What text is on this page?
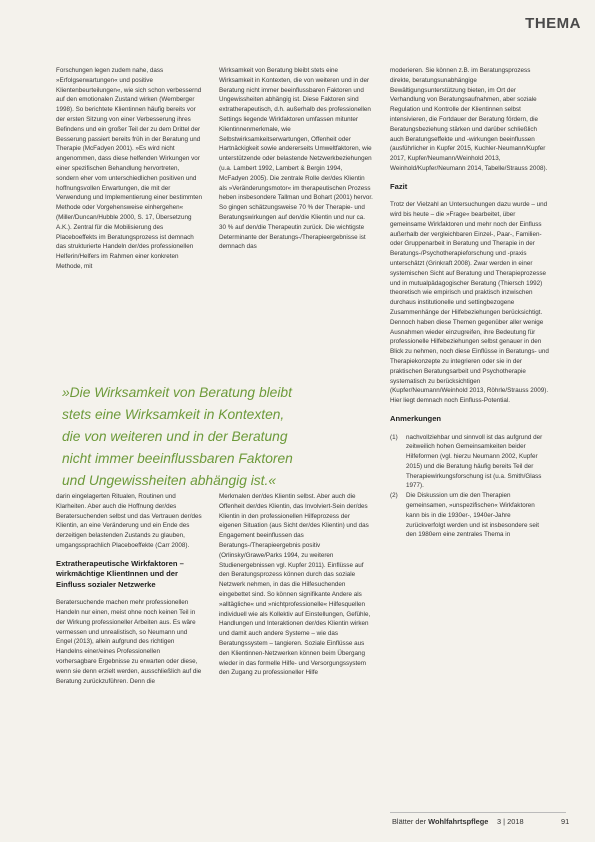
THEMA

Forschungen legen zudem nahe, dass »Erfolgserwartungen« und positive Klientenbeurteilungen«, wie sich schon verbessernd auf den emotionalen Zustand wirken (Wernberger 1998). So berichtete Klientinnen häufig bereits vor der ersten Sitzung von einer Verbesserung ihres Befindens und ein großer Teil der zu dem Drittel der Besserung passiert bereits früh in der Beratung und Therapie (McFadyen 2001). »Es wird nicht angenommen, dass diese helfenden Wirkungen vor einer spezifischen Behandlung hervortreten, sondern eher vom unterschiedlichen positiven und hoffnungsvollen Erwartungen, die mit der Verwendung und Implementierung einer bestimmten Methode oder Vorgehensweise einhergehen« (Miller/Duncan/Hubble 2000, S. 17, Übersetzung A.K.). Zentral für die Mobilisierung des Placeboeffekts im Beratungsprozess ist demnach das strukturierte Handeln der/des professionellen Helferin/Helfers im Rahmen einer konkreten Methode, mit

Wirksamkeit von Beratung bleibt stets eine Wirksamkeit in Kontexten, die von weiteren und in der Beratung nicht immer beeinflussbaren Faktoren und Ungewissheiten abhängig ist. Diese Faktoren sind extratherapeutisch, d.h. außerhalb des professionellen Settings liegende Wirkfaktoren umfassen mitunter Klientinnenmerkmale, wie Selbstwirksamkeitserwartungen, Offenheit oder Hartnäckigkeit sowie andererseits Umweltfaktoren, wie unterstützende oder belastende Netzwerkbeziehungen (u.a. Lambert 1992, Lambert & Bergin 1994, McFadyen 2005). Die zentrale Rolle der/des Klientin als »Veränderungsmotor« im therapeutischen Prozess heben insbesondere Tallman und Bohart (2001) hervor. So gingen schätzungsweise 70 % der Therapie- und Beratungswirkungen auf den/die Klientin und nur ca. 30 % auf den/die Therapeutin zurück. Die wichtigste Determinante der Beratungs-/Therapieergebnisse ist demnach das

»Die Wirksamkeit von Beratung bleibt
stets eine Wirksamkeit in Kontexten,
die von weiteren und in der Beratung
nicht immer beeinflussbaren Faktoren
und Ungewissheiten abhängig ist.«

darin eingelagerten Ritualen, Routinen und Klarheiten. Aber auch die Hoffnung der/des Beratersuchenden selbst und das Vertrauen der/des Klientin, an eine Veränderung und ein Ende des derzeitigen belastenden Zustands zu glauben, umgangssprachlich Placeboeffekte (Carr 2008).

Extratherapeutische Wirkfaktoren – wirkmächtige KlientInnen und der Einfluss sozialer Netzwerke

Beratersuchende machen mehr professionellen Handeln nur einen, meist ohne noch keinen Teil in der Wirkung professioneller Arbeiten aus. Es wäre vermessen und unrealistisch, so Neumann und Engel (2013), allein aufgrund des richtigen Handelns einer/eines Professionellen vorhersagbare Ergebnisse zu erwarten oder diese, wenn sie denn erzielt werden, ausschließlich auf die Beratung zurückzuführen. Denn die

Merkmalen der/des Klientin selbst. Aber auch die Offenheit der/des Klientin, das Involviert-Sein der/des Klientin in den professionellen Hilfeprozess der eigenen Situation (aus Sicht der/des Klientin) und das Engagement beeinflussen das Beratungs-/Therapieergebnis positiv (Orlinsky/Grawe/Parks 1994, zu weiteren Studienergebnissen vgl. Kupfer 2011). Einflüsse auf den Beratungsprozess können durch das soziale Netzwerk nehmen, in das die Hilfesuchenden eingebettet sind. So können signifikante Andere als »alltägliche« und »nichtprofessionelle« Hilfesquellen individuell wie als Kollektiv auf Einstellungen, Gefühle, Handlungen und Interaktionen der/des Klientin wirken und damit auch andere Systeme – wie das Beratungssystem – tangieren. Soziale Einflüsse aus den Klientinnen-Netzwerken können beim Übergang wieder in das formelle Hilfe- und Versorgungssystem den Zugang zu professioneller Hilfe

moderieren. Sie können z.B. im Beratungsprozess direkte, beratungsunabhängige Bewältigungsunterstützung bieten, im Ort der Verhandlung von Beratungsaufnahmen, aber soziale Regulation und Kontrolle der Klientinnen selbst intensivieren, die Fortdauer der Beratung fördern, die Beratungsbeziehung stärken und darüber schließlich auch Beratungseffekte und -wirkungen beeinflussen (ausführlicher in Kupfer 2015, Kuchler-Neumann/Kupfer 2017, Kupfer/Neumann/Weinhold 2013, Weinhold/Kupfer/Neumann 2014, Tabelle/Strauss 2008).

Fazit

Trotz der Vielzahl an Untersuchungen dazu wurde – und wird bis heute – die »Frage« bearbeitet, über gemeinsame Wirkfaktoren und mehr noch der Einfluss außerhalb der vergleichbaren Einzel-, Paar-, Familien- oder Gruppenarbeit in Beratung und Therapie in der Beratungs-/Psychotherapieforschung und -praxis unterschätzt (Grinkraft 2008). Zwar werden in einer systemischen Sicht auf Beratung und Therapieprozesse und in mutualpädagogischer Beratung (Thiersch 1992) theoretisch wie empirisch und praktisch inzwischen durchaus institutionelle und settingbezogene Zusammenhänge der Hilfebeziehungen berücksichtigt. Dennoch haben diese Themen gegenüber aller wenige Ausnahmen wieder einzugreifen, ihre Bedeutung für professionelle Hilfebeziehungen selbst genauer in den Blick zu nehmen, noch diese Einflüsse in Beratungs- und Therapiekonzepte zu integrieren oder sie in der praktischen Beratungsarbeit und Psychotherapie systematisch zu berücksichtigen (Kupfer/Neumann/Weinhold 2013, Röhrle/Strauss 2009). Hier liegt demnach noch Einfluss-Potential.

Anmerkungen
(1)	nachvollziehbar und sinnvoll ist das aufgrund der zeitweilich hohen Gemeinsamkeiten beider Hilfeformen (vgl. hierzu Neumann 2002, Kupfer 2015) und die Beratung häufig bereits Teil der Therapiewirkungsforschung ist (u.a. Smith/Glass 1977).
(2)	Die Diskussion um die den Therapien gemeinsamen, »unspezifischen« Wirkfaktoren kann bis in die 1930er-, 1940er-Jahre zurückverfolgt werden und ist insbesondere seit den 1980ern eine zentrales Thema in
Blätter der Wohlfahrtspflege 3 | 2018	91
